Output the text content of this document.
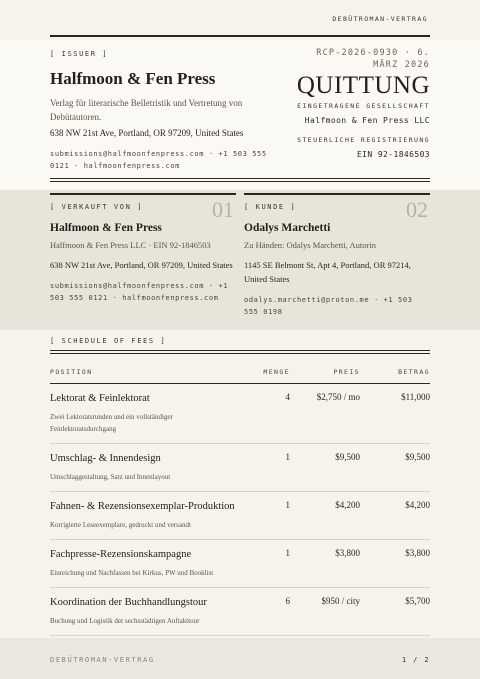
DEBÜTROMAN-VERTRAG
[ ISSUER ]
Halfmoon & Fen Press
Verlag für literarische Belletristik und Vertretung von Debütautoren.
638 NW 21st Ave, Portland, OR 97209, United States
submissions@halfmoonfenpress.com · +1 503 555 0121 · halfmoonfenpress.com
RCP-2026-0930 · 6. MÄRZ 2026
QUITTUNG
EINGETRAGENE GESELLSCHAFT
Halfmoon & Fen Press LLC
STEUERLICHE REGISTRIERUNG
EIN 92-1846503
01
[ VERKAUFT VON ]
Halfmoon & Fen Press
Halfmoon & Fen Press LLC · EIN 92-1846503
638 NW 21st Ave, Portland, OR 97209, United States
submissions@halfmoonfenpress.com · +1 503 555 0121 · halfmoonfenpress.com
02
[ KUNDE ]
Odalys Marchetti
Zu Händen: Odalys Marchetti, Autorin
1145 SE Belmont St, Apt 4, Portland, OR 97214, United States
odalys.marchetti@proton.me · +1 503 555 0198
[ SCHEDULE OF FEES ]
POSITION	MENGE	PREIS	BETRAG

Lektorat & Feinlektorat
Zwei Lektoratsrunden und ein vollständiger Feinlektoratsdurchgang	4	$2,750 / mo	$11,000

Umschlag- & Innendesign
Umschlaggestaltung, Satz und Innenlayout	1	$9,500	$9,500

Fahnen- & Rezensionsexemplar-Produktion
Korrigierte Leseexemplare, gedruckt und versandt	1	$4,200	$4,200

Fachpresse-Rezensionskampagne
Einreichung und Nachfassen bei Kirkus, PW und Booklist	1	$3,800	$3,800

Koordination der Buchhandlungstour
Buchung und Logistik der sechsstädtigen Auftakttour	6	$950 / city	$5,700
DEBÜTROMAN-VERTRAG	1 / 2
